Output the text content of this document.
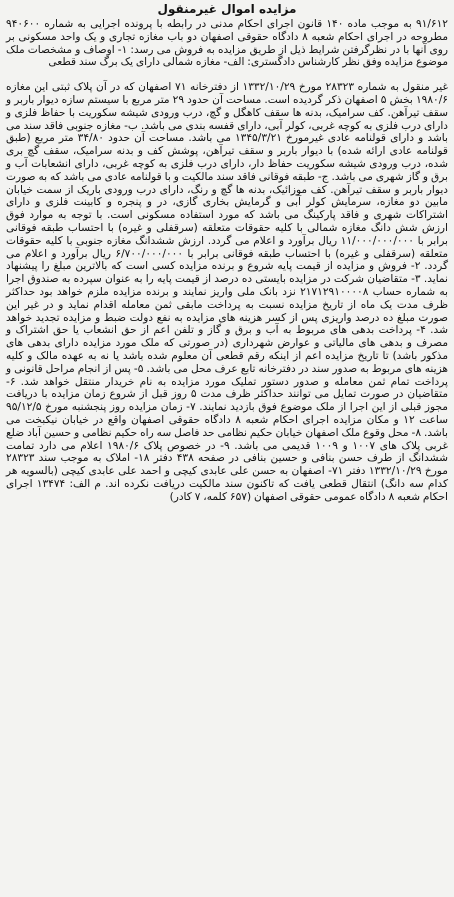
مزایده اموال غیرمنقول

۹۱/۶۱۲ به موجب ماده ۱۴۰ قانون اجرای احکام مدنی در رابطه با پرونده اجرایی به شماره ۹۴۰۶۰۰ مطروحه در اجرای احکام شعبه ۸ دادگاه حقوقی اصفهان دو باب مغازه تجاری و یک واحد مسکونی بر روی آنها با در نظرگرفتن شرایط ذیل از طریق مزایده به فروش می رسد: ۱- اوصاف و مشخصات ملک موضوع مزایده وفق نظر کارشناس دادگستری: الف- مغازه شمالی دارای یک برگ سند قطعی

غیر منقول به شماره ۲۸۳۲۳ مورخ ۱۳۳۲/۱۰/۲۹ از دفترخانه ۷۱ اصفهان که در آن پلاک ثبتی این مغازه ۱۹۸۰/۶ بخش ۵ اصفهان ذکر گردیده است. مساحت آن حدود ۲۹ متر مربع با سیستم سازه دیوار باربر و سقف تیرآهن. کف سرامیک، بدنه ها سقف کاهگل و گچ، درب ورودی شیشه سکوریت با حفاظ فلزی و دارای درب فلزی به کوچه غربی، کولر آبی، دارای قفسه بندی می باشد. ب- مغازه جنوبی فاقد سند می باشد و دارای قولنامه عادی غیرمورخ ۱۳۴۵/۳/۲۱ می باشد. مساحت آن حدود ۳۴/۸۰ متر مربع (طبق قولنامه عادی ارائه شده) با دیوار باربر و سقف تیرآهن، پوشش کف و بدنه سرامیک، سقف گچ بری شده، درب ورودی شیشه سکوریت حفاظ دار، دارای درب فلزی به کوچه غربی، دارای انشعابات آب و برق و گاز شهری می باشد. ج- طبقه فوقانی فاقد سند مالکیت و با قولنامه عادی می باشد که به صورت دیوار باربر و سقف تیرآهن. کف موزائیک، بدنه ها گچ و رنگ، دارای درب ورودی باریک از سمت خیابان مابین دو مغازه، سرمایش کولر آبی و گرمایش بخاری گازی، در و پنجره و کابینت فلزی و دارای اشتراکات شهری و فاقد پارکینگ می باشد که مورد استفاده مسکونی است. با توجه به موارد فوق ارزش شش دانگ مغازه شمالی با کلیه حقوقات متعلقه (سرقفلی و غیره) با احتساب طبقه فوقانی برابر با ۱۱/۰۰۰/۰۰۰/۰۰۰ ریال برآورد و اعلام می گردد. ارزش ششدانگ مغازه جنوبی با کلیه حقوقات متعلقه (سرقفلی و غیره) با احتساب طبقه فوقانی برابر با ۶/۷۰۰/۰۰۰/۰۰۰ ریال برآورد و اعلام می گردد. ۲- فروش و مزایده از قیمت پایه شروع و برنده مزایده کسی است که بالاترین مبلغ را پیشنهاد نماید. ۳- متقاضیان شرکت در مزایده بایستی ده درصد از قیمت پایه را به عنوان سپرده به صندوق اجرا به شماره حساب ۲۱۷۱۲۹۱۰۰۰۰۸ نزد بانک ملی واریز نمایند و برنده مزایده ملزم خواهد بود حداکثر ظرف مدت یک ماه از تاریخ مزایده نسبت به پرداخت مابقی ثمن معامله اقدام نماید و در غیر این صورت مبلغ ده درصد واریزی پس از کسر هزینه های مزایده به نفع دولت ضبط و مزایده تجدید خواهد شد. ۴- پرداخت بدهی های مربوط به آب و برق و گاز و تلفن اعم از حق انشعاب یا حق اشتراک و مصرف و بدهی های مالیاتی و عوارض شهرداری (در صورتی که ملک مورد مزایده دارای بدهی های مذکور باشد) تا تاریخ مزایده اعم از اینکه رقم قطعی آن معلوم شده باشد یا نه به عهده مالک و کلیه هزینه های مربوط به صدور سند در دفترخانه تابع عرف محل می باشد. ۵- پس از انجام مراحل قانونی و پرداخت تمام ثمن معامله و صدور دستور تملیک مورد مزایده به نام خریدار منتقل خواهد شد. ۶- متقاضیان در صورت تمایل می توانند حداکثر ظرف مدت ۵ روز قبل از شروع زمان مزایده با دریافت مجوز قبلی از این اجرا از ملک موضوع فوق بازدید نمایند. ۷- زمان مزایده روز پنجشنبه مورخ ۹۵/۱۲/۵ ساعت ۱۲ و مکان مزایده اجرای احکام شعبه ۸ دادگاه حقوقی اصفهان واقع در خیابان نیکبخت می باشد. ۸- محل وقوع ملک اصفهان خیابان حکیم نظامی حد فاصل سه راه حکیم نظامی و حسین آباد ضلع غربی پلاک های ۱۰۰۷ و ۱۰۰۹ قدیمی می باشد. ۹- در خصوص پلاک ۱۹۸۰/۶ اعلام می دارد تمامت ششدانگ از طرف حسن بنافی و حسین بنافی در صفحه ۴۳۸ دفتر ۱۸- املاک به موجب سند ۲۸۳۲۳ مورخ ۱۳۳۲/۱۰/۲۹ دفتر ۷۱- اصفهان به حسن علی عابدی کیچی و احمد علی عابدی کیچی (بالسویه هر کدام سه دانگ) انتقال قطعی یافت که تاکنون سند مالکیت دریافت نکرده اند. م الف: ۱۳۴۷۴ اجرای احکام شعبه ۸ دادگاه عمومی حقوقی اصفهان (۶۵۷ کلمه، ۷ کادر)
